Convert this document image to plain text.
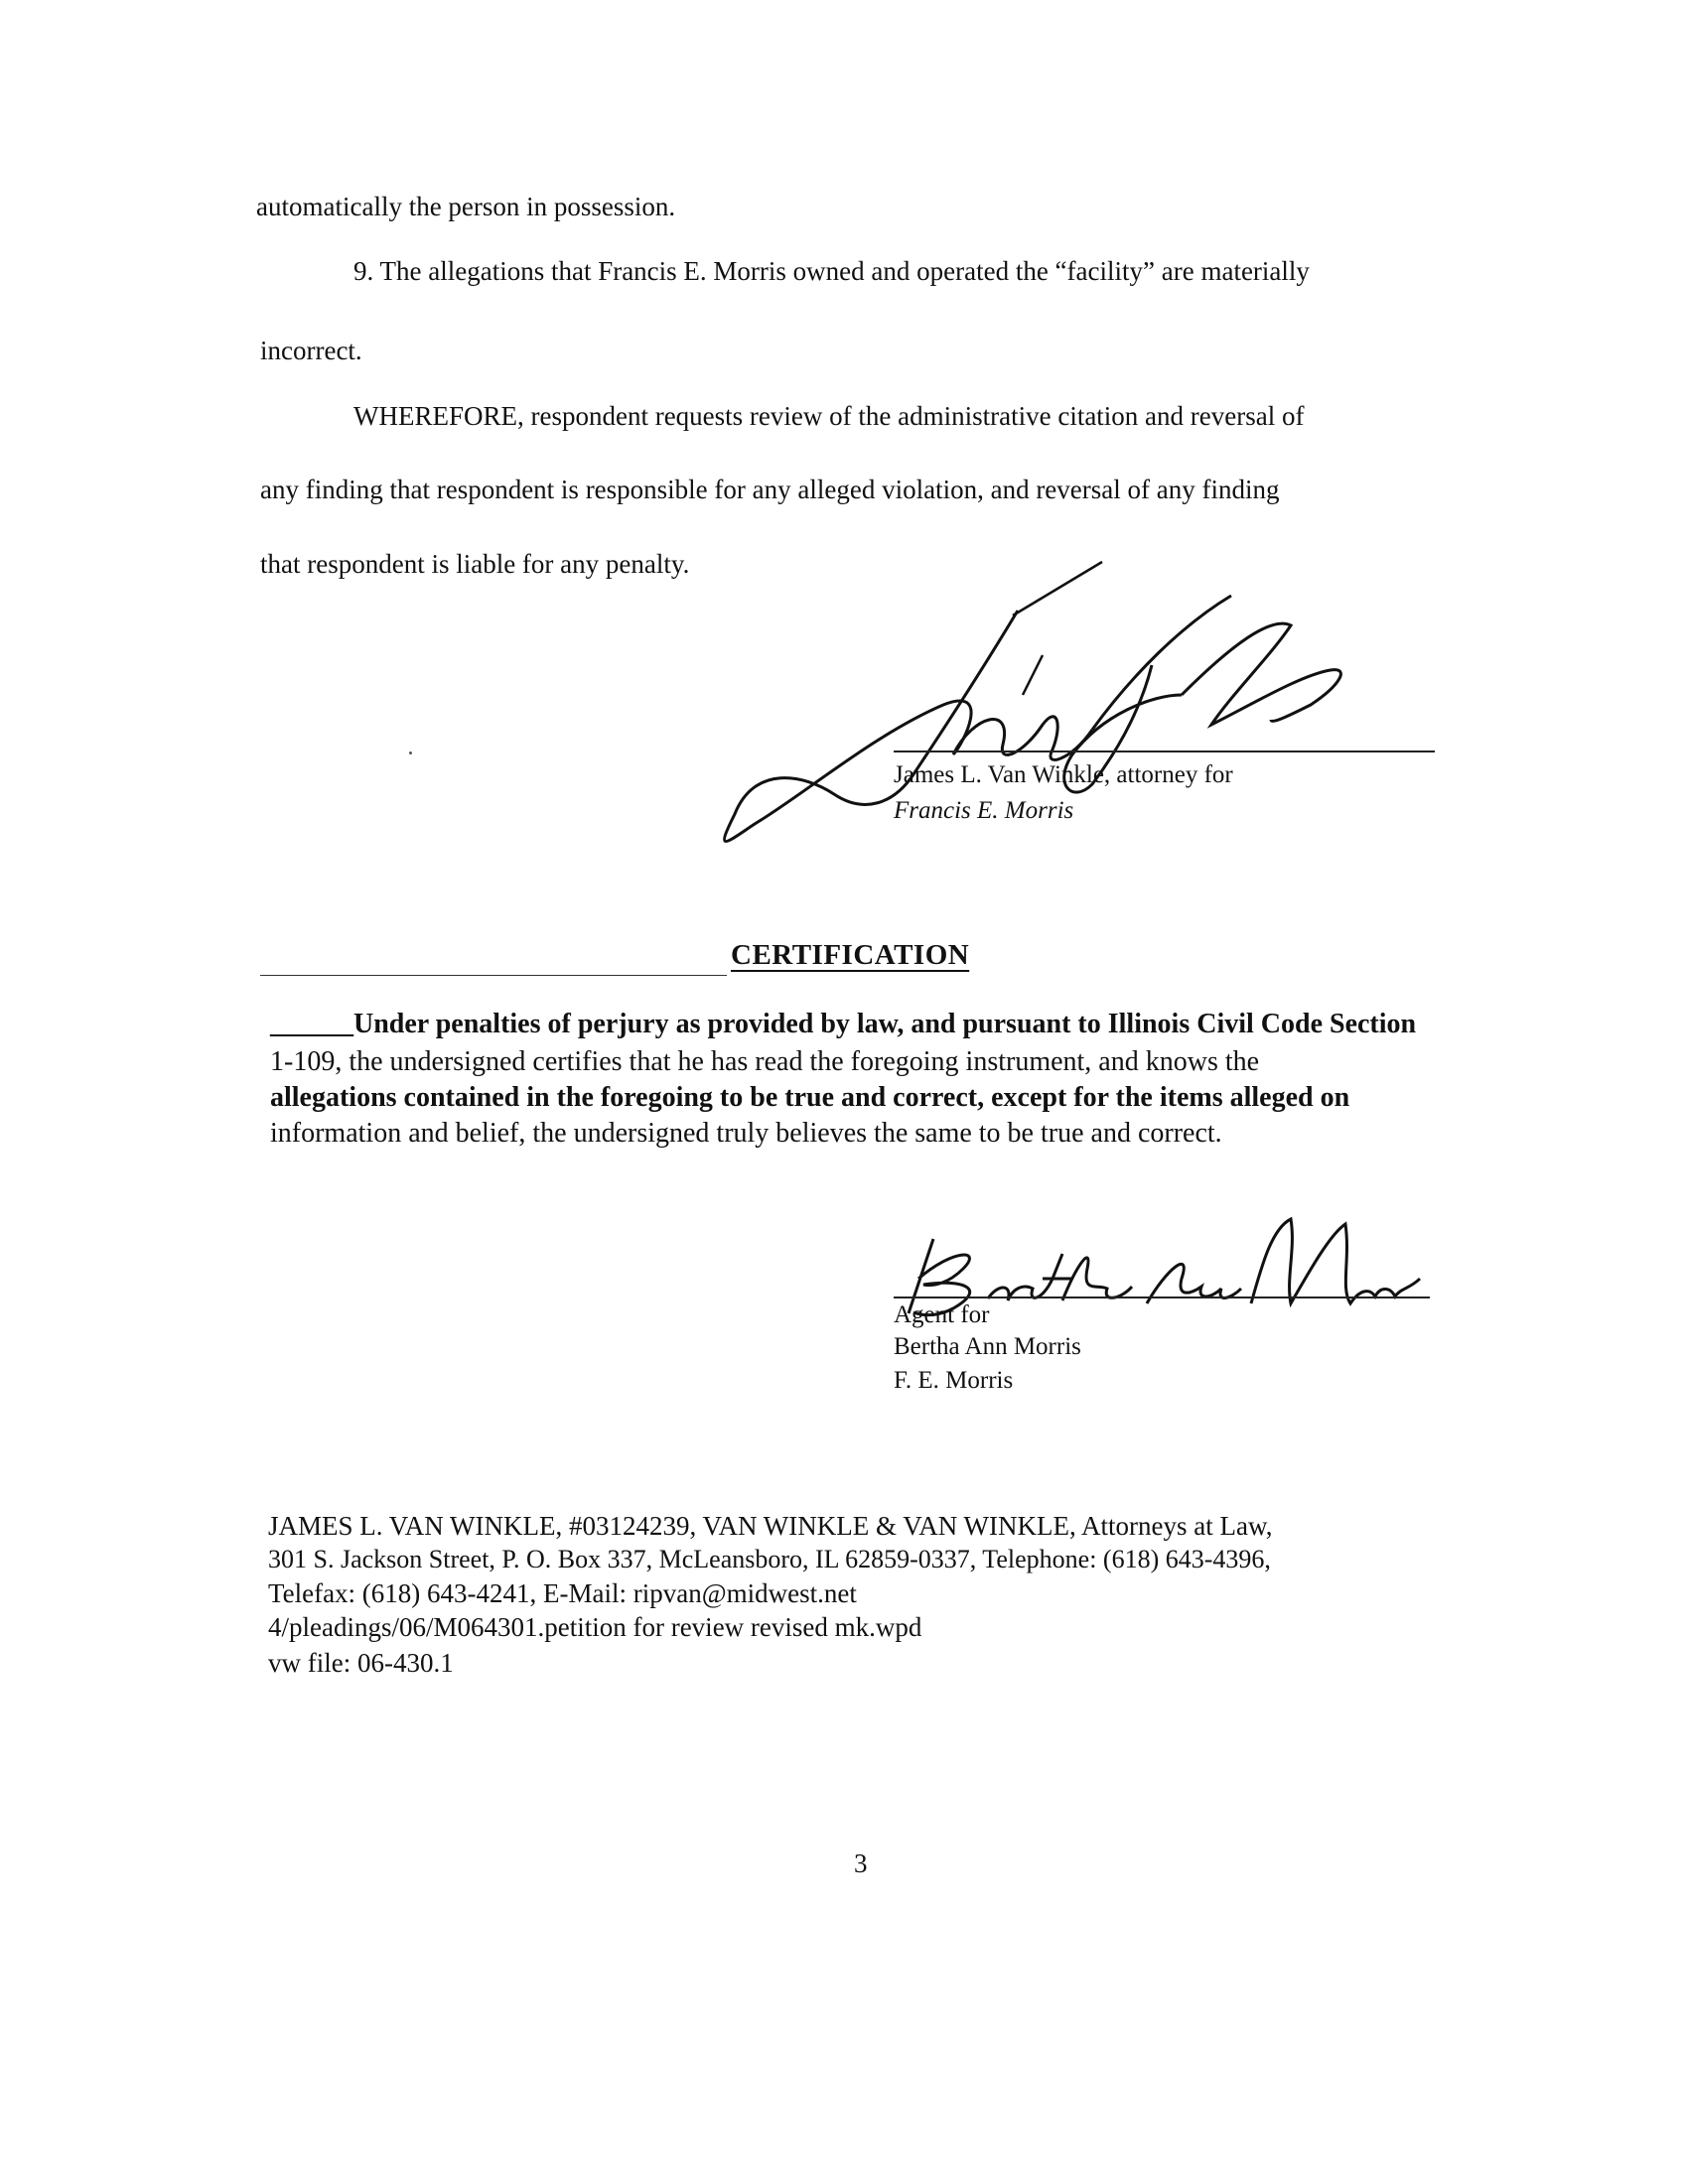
automatically the person in possession.
9. The allegations that Francis E. Morris owned and operated the “facility” are materially
incorrect.
WHEREFORE, respondent requests review of the administrative citation and reversal of
any finding that respondent is responsible for any alleged violation, and reversal of any finding
that respondent is liable for any penalty.
James L. Van Winkle, attorney for
Francis E. Morris
CERTIFICATION
______Under penalties of perjury as provided by law, and pursuant to Illinois Civil Code Section
1-109, the undersigned certifies that he has read the foregoing instrument, and knows the
allegations contained in the foregoing to be true and correct, except for the items alleged on
information and belief, the undersigned truly believes the same to be true and correct.
Agent for
Bertha Ann Morris
F. E. Morris
JAMES L. VAN WINKLE, #03124239, VAN WINKLE & VAN WINKLE, Attorneys at Law,
301 S. Jackson Street, P. O. Box 337, McLeansboro, IL 62859-0337, Telephone: (618) 643-4396,
Telefax: (618) 643-4241, E-Mail: ripvan@midwest.net
4/pleadings/06/M064301.petition for review revised mk.wpd
vw file: 06-430.1
3
